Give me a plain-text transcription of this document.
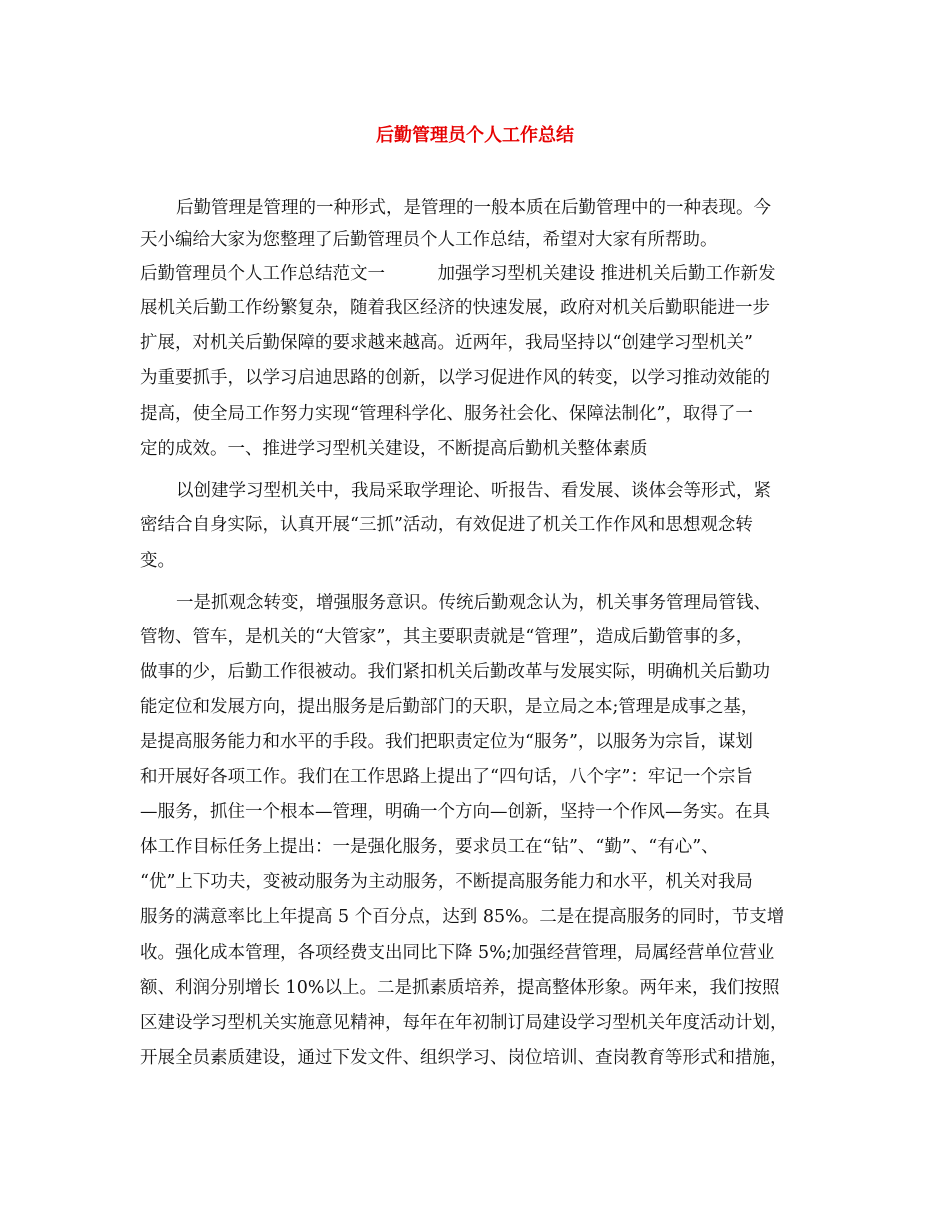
后勤管理员个人工作总结
后勤管理是管理的一种形式，是管理的一般本质在后勤管理中的一种表现。今
天小编给大家为您整理了后勤管理员个人工作总结，希望对大家有所帮助。
后勤管理员个人工作总结范文一　　　加强学习型机关建设 推进机关后勤工作新发
展机关后勤工作纷繁复杂，随着我区经济的快速发展，政府对机关后勤职能进一步
扩展，对机关后勤保障的要求越来越高。近两年，我局坚持以“创建学习型机关”
为重要抓手，以学习启迪思路的创新，以学习促进作风的转变，以学习推动效能的
提高，使全局工作努力实现“管理科学化、服务社会化、保障法制化”，取得了一
定的成效。一、推进学习型机关建设，不断提高后勤机关整体素质
以创建学习型机关中，我局采取学理论、听报告、看发展、谈体会等形式，紧
密结合自身实际，认真开展“三抓”活动，有效促进了机关工作作风和思想观念转
变。
一是抓观念转变，增强服务意识。传统后勤观念认为，机关事务管理局管钱、
管物、管车，是机关的“大管家”，其主要职责就是“管理”，造成后勤管事的多，
做事的少，后勤工作很被动。我们紧扣机关后勤改革与发展实际，明确机关后勤功
能定位和发展方向，提出服务是后勤部门的天职，是立局之本;管理是成事之基，
是提高服务能力和水平的手段。我们把职责定位为“服务”，以服务为宗旨，谋划
和开展好各项工作。我们在工作思路上提出了“四句话，八个字”：牢记一个宗旨
—服务，抓住一个根本—管理，明确一个方向—创新，坚持一个作风—务实。在具
体工作目标任务上提出：一是强化服务，要求员工在“钻”、“勤”、“有心”、
“优”上下功夫，变被动服务为主动服务，不断提高服务能力和水平，机关对我局
服务的满意率比上年提高 5 个百分点，达到 85%。二是在提高服务的同时，节支增
收。强化成本管理，各项经费支出同比下降 5%;加强经营管理，局属经营单位营业
额、利润分别增长 10%以上。二是抓素质培养，提高整体形象。两年来，我们按照
区建设学习型机关实施意见精神，每年在年初制订局建设学习型机关年度活动计划，
开展全员素质建设，通过下发文件、组织学习、岗位培训、查岗教育等形式和措施，
